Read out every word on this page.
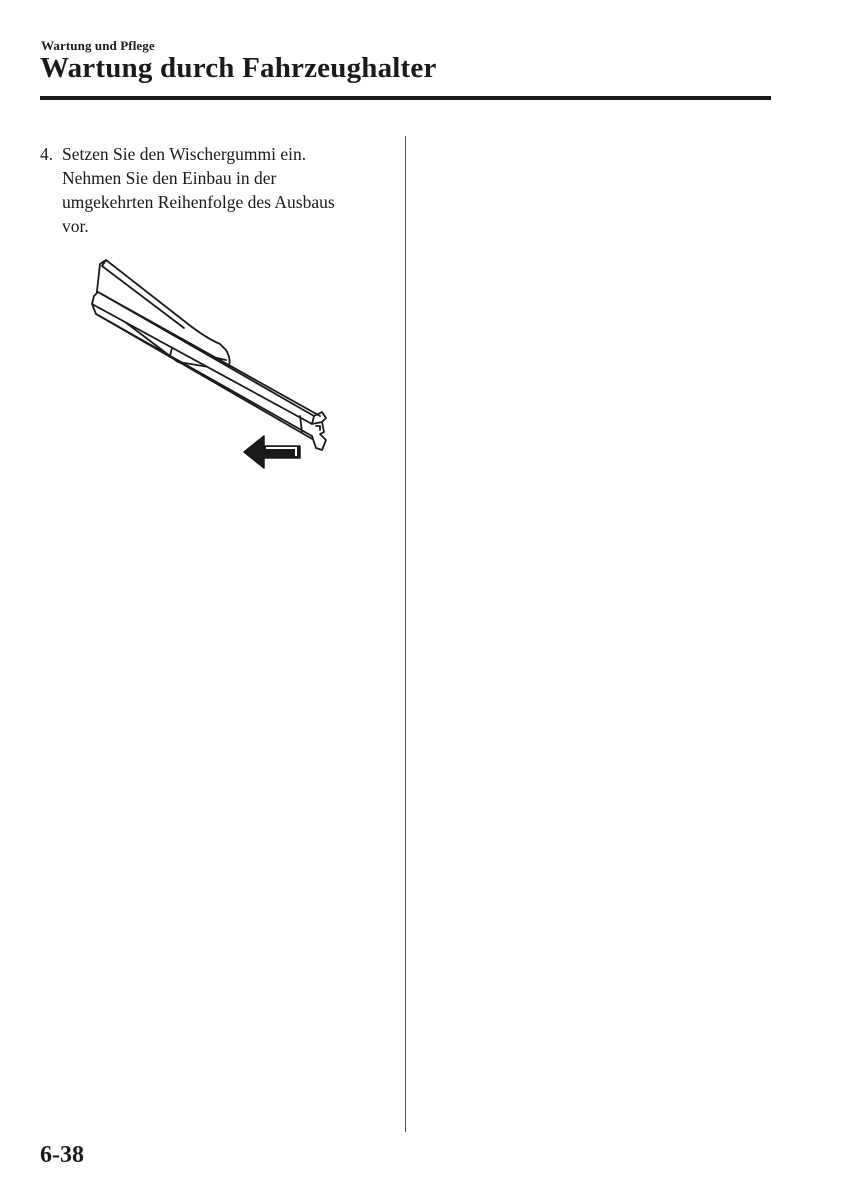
Wartung und Pflege
Wartung durch Fahrzeughalter
4. Setzen Sie den Wischergummi ein.
Nehmen Sie den Einbau in der
umgekehrten Reihenfolge des Ausbaus
vor.
6-38
